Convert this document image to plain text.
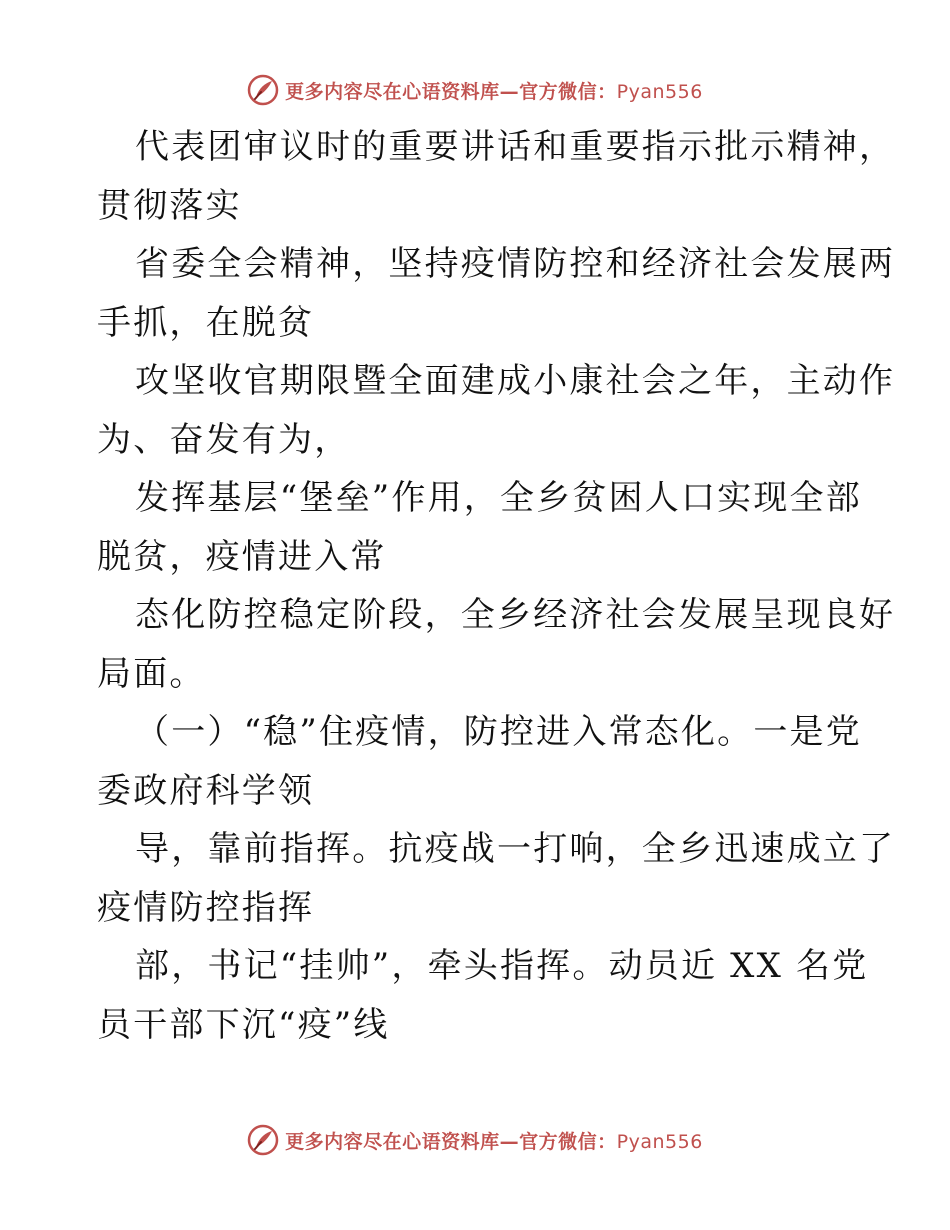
更多内容尽在心语资料库—官方微信：Pyan556
代表团审议时的重要讲话和重要指示批示精神，
贯彻落实
省委全会精神，坚持疫情防控和经济社会发展两
手抓，在脱贫
攻坚收官期限暨全面建成小康社会之年，主动作
为、奋发有为，
发挥基层“堡垒”作用，全乡贫困人口实现全部
脱贫，疫情进入常
态化防控稳定阶段，全乡经济社会发展呈现良好
局面。
（一）“稳”住疫情，防控进入常态化。一是党
委政府科学领
导，靠前指挥。抗疫战一打响，全乡迅速成立了
疫情防控指挥
部，书记“挂帅”，牵头指挥。动员近 XX 名党
员干部下沉“疫”线
更多内容尽在心语资料库—官方微信：Pyan556
